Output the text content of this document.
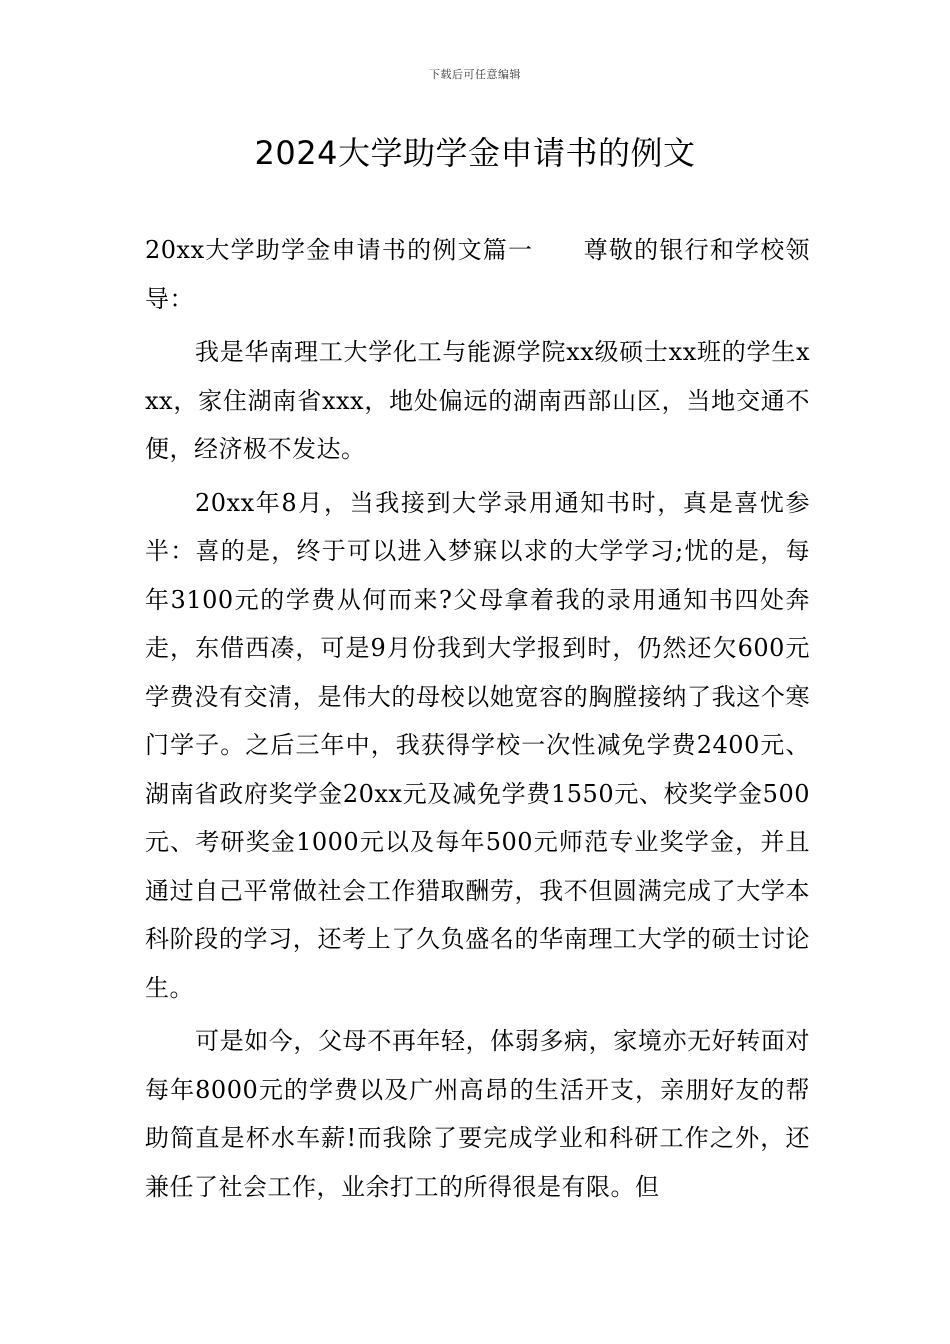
下载后可任意编辑
2024大学助学金申请书的例文

20xx大学助学金申请书的例文篇一　　尊敬的银行和学校领导：

我是华南理工大学化工与能源学院xx级硕士xx班的学生xxx，家住湖南省xxx，地处偏远的湖南西部山区，当地交通不便，经济极不发达。

20xx年8月，当我接到大学录用通知书时，真是喜忧参半：喜的是，终于可以进入梦寐以求的大学学习;忧的是，每年3100元的学费从何而来?父母拿着我的录用通知书四处奔走，东借西凑，可是9月份我到大学报到时，仍然还欠600元学费没有交清，是伟大的母校以她宽容的胸膛接纳了我这个寒门学子。之后三年中，我获得学校一次性减免学费2400元、湖南省政府奖学金20xx元及减免学费1550元、校奖学金500元、考研奖金1000元以及每年500元师范专业奖学金，并且通过自己平常做社会工作猎取酬劳，我不但圆满完成了大学本科阶段的学习，还考上了久负盛名的华南理工大学的硕士讨论生。

可是如今，父母不再年轻，体弱多病，家境亦无好转面对每年8000元的学费以及广州高昂的生活开支，亲朋好友的帮助简直是杯水车薪!而我除了要完成学业和科研工作之外，还兼任了社会工作，业余打工的所得很是有限。但
